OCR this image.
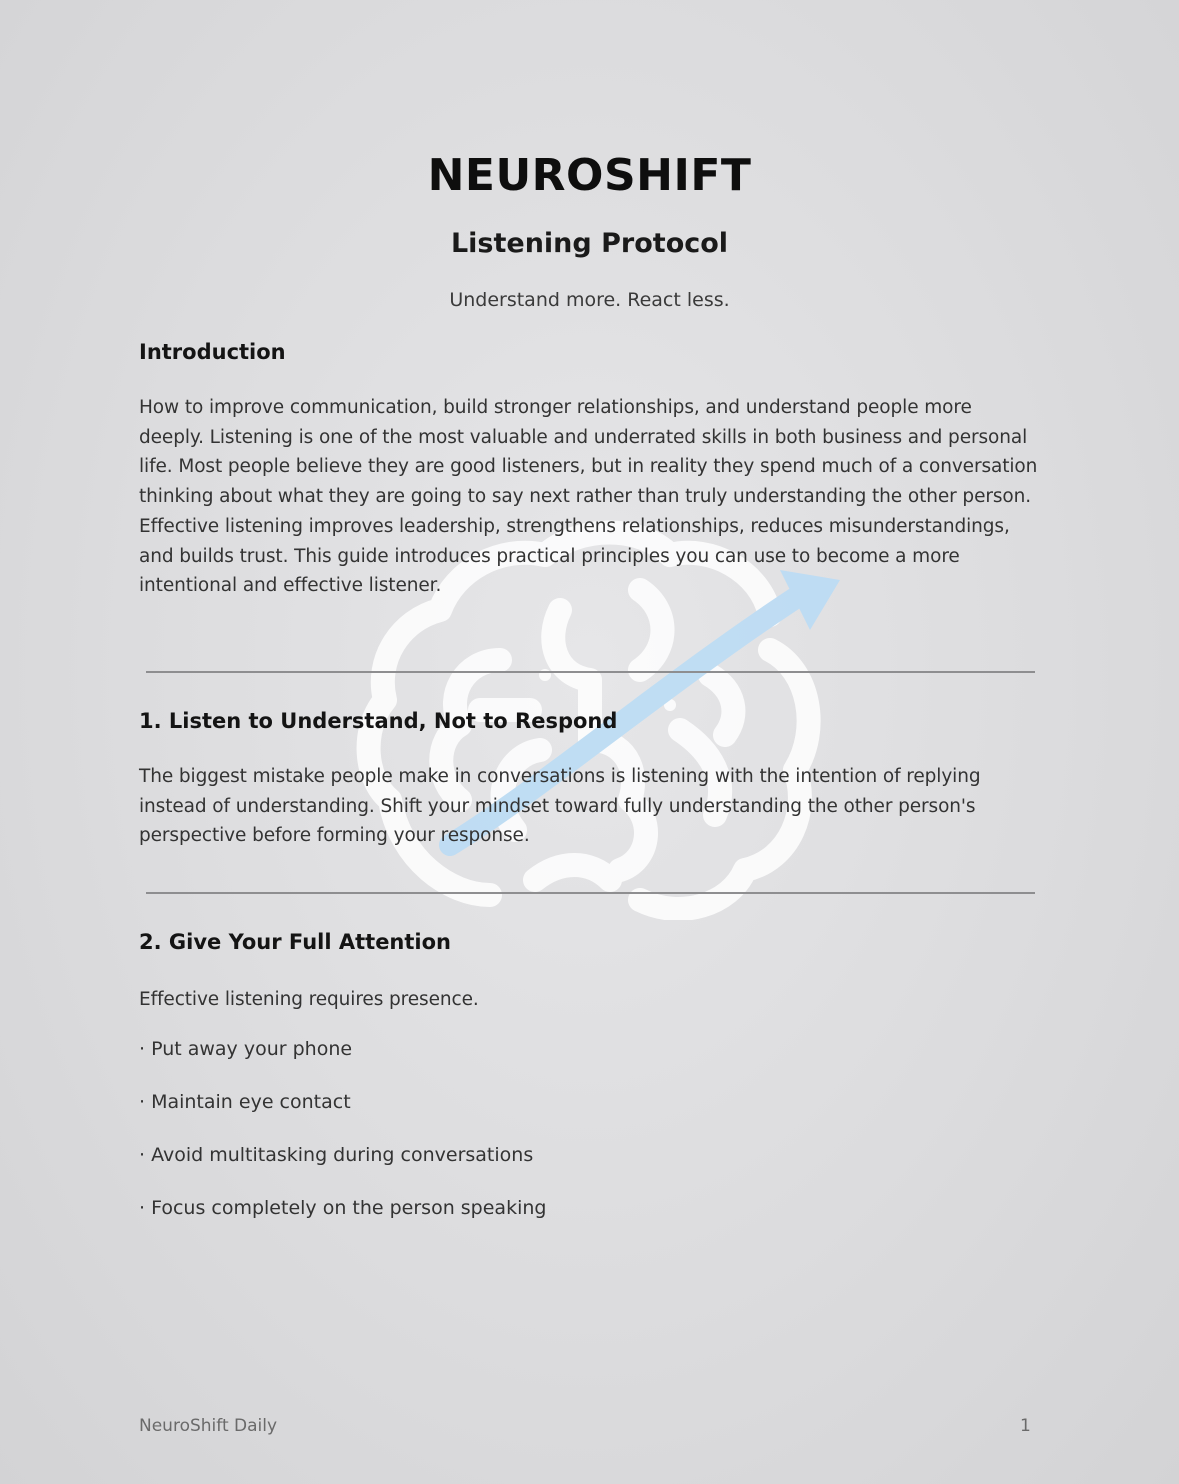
NEUROSHIFT
Listening Protocol
Understand more. React less.
Introduction

How to improve communication, build stronger relationships, and understand people more deeply. Listening is one of the most valuable and underrated skills in both business and personal life. Most people believe they are good listeners, but in reality they spend much of a conversation thinking about what they are going to say next rather than truly understanding the other person. Effective listening improves leadership, strengthens relationships, reduces misunderstandings, and builds trust. This guide introduces practical principles you can use to become a more intentional and effective listener.

1. Listen to Understand, Not to Respond

The biggest mistake people make in conversations is listening with the intention of replying instead of understanding. Shift your mindset toward fully understanding the other person's perspective before forming your response.

2. Give Your Full Attention

Effective listening requires presence.

· Put away your phone
· Maintain eye contact
· Avoid multitasking during conversations
· Focus completely on the person speaking
NeuroShift Daily	1
